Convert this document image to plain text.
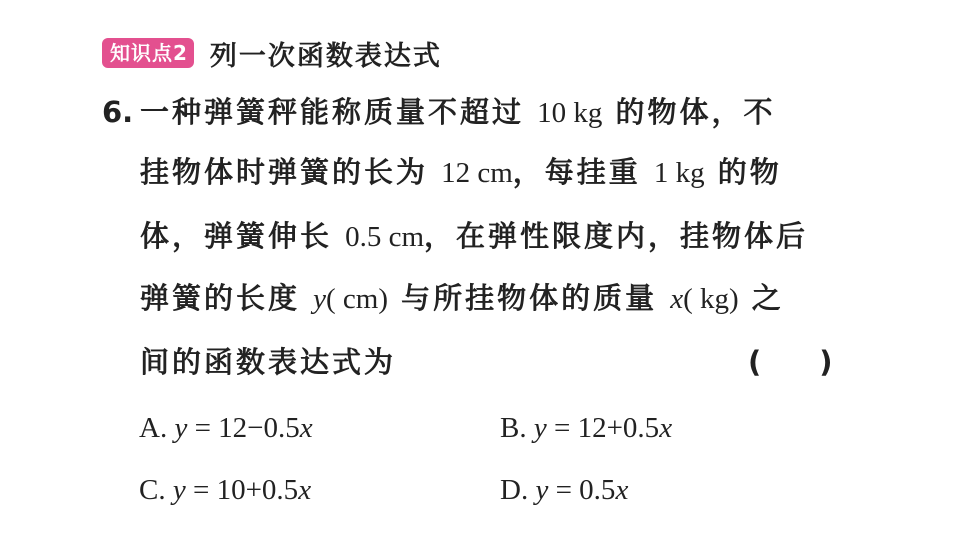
知识点2 列一次函数表达式
6. 一种弹簧秤能称质量不超过 10 kg 的物体，不
挂物体时弹簧的长为 12 cm，每挂重 1 kg 的物
体，弹簧伸长 0.5 cm，在弹性限度内，挂物体后
弹簧的长度 y( cm) 与所挂物体的质量 x( kg) 之
间的函数表达式为	(　　)
A. y = 12−0.5x	B. y = 12+0.5x
C. y = 10+0.5x	D. y = 0.5x
